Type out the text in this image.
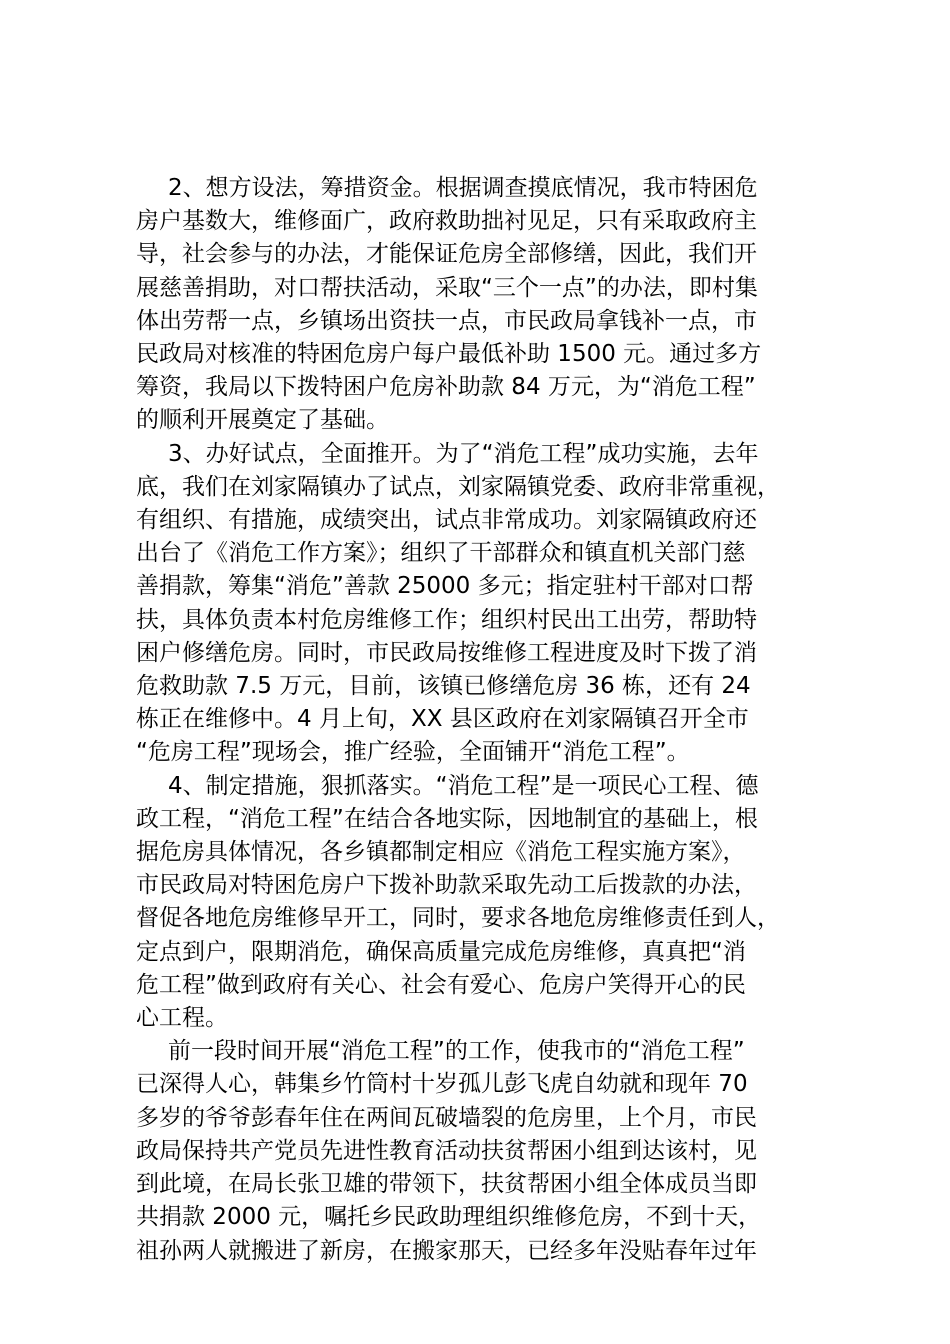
2、想方设法，筹措资金。根据调查摸底情况，我市特困危
房户基数大，维修面广，政府救助拙衬见足，只有采取政府主
导，社会参与的办法，才能保证危房全部修缮，因此，我们开
展慈善捐助，对口帮扶活动，采取“三个一点”的办法，即村集
体出劳帮一点，乡镇场出资扶一点，市民政局拿钱补一点，市
民政局对核准的特困危房户每户最低补助 1500 元。通过多方
筹资，我局以下拨特困户危房补助款 84 万元，为“消危工程”
的顺利开展奠定了基础。
3、办好试点，全面推开。为了“消危工程”成功实施，去年
底，我们在刘家隔镇办了试点，刘家隔镇党委、政府非常重视，
有组织、有措施，成绩突出，试点非常成功。刘家隔镇政府还
出台了《消危工作方案》；组织了干部群众和镇直机关部门慈
善捐款，筹集“消危”善款 25000 多元；指定驻村干部对口帮
扶，具体负责本村危房维修工作；组织村民出工出劳，帮助特
困户修缮危房。同时，市民政局按维修工程进度及时下拨了消
危救助款 7.5 万元，目前，该镇已修缮危房 36 栋，还有 24
栋正在维修中。4 月上旬，XX 县区政府在刘家隔镇召开全市
“危房工程”现场会，推广经验，全面铺开“消危工程”。
4、制定措施，狠抓落实。“消危工程”是一项民心工程、德
政工程，“消危工程”在结合各地实际，因地制宜的基础上，根
据危房具体情况，各乡镇都制定相应《消危工程实施方案》，
市民政局对特困危房户下拨补助款采取先动工后拨款的办法，
督促各地危房维修早开工，同时，要求各地危房维修责任到人，
定点到户，限期消危，确保高质量完成危房维修，真真把“消
危工程”做到政府有关心、社会有爱心、危房户笑得开心的民
心工程。
前一段时间开展“消危工程”的工作，使我市的“消危工程”
已深得人心，韩集乡竹筒村十岁孤儿彭飞虎自幼就和现年 70
多岁的爷爷彭春年住在两间瓦破墙裂的危房里，上个月，市民
政局保持共产党员先进性教育活动扶贫帮困小组到达该村，见
到此境，在局长张卫雄的带领下，扶贫帮困小组全体成员当即
共捐款 2000 元，嘱托乡民政助理组织维修危房，不到十天，
祖孙两人就搬进了新房，在搬家那天，已经多年没贴春年过年
